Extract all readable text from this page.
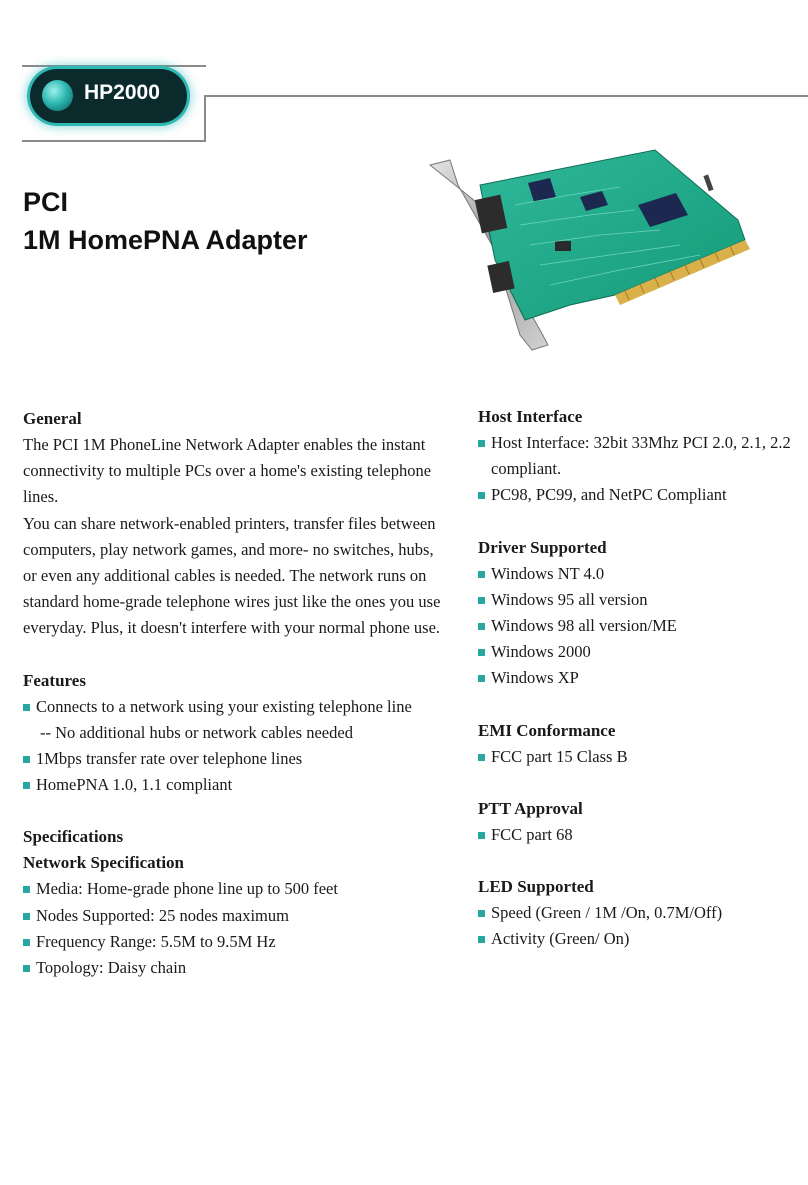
HP2000
PCI
1M HomePNA Adapter
General

The PCI 1M PhoneLine Network Adapter enables the instant connectivity to multiple PCs over a home's existing telephone lines.

You can share network-enabled printers, transfer files between computers, play network games, and more- no switches, hubs, or even any additional cables is needed. The network runs on standard home-grade telephone wires just like the ones you use everyday. Plus, it doesn't interfere with your normal phone use.

Features
Connects to a network using your existing telephone line
-- No additional hubs or network cables needed
1Mbps transfer rate over telephone lines
HomePNA 1.0, 1.1 compliant
Specifications
Network Specification
Media: Home-grade phone line up to 500 feet
Nodes Supported: 25 nodes maximum
Frequency Range: 5.5M to 9.5M Hz
Topology: Daisy chain
Host Interface
Host Interface: 32bit 33Mhz PCI 2.0, 2.1, 2.2 compliant.
PC98, PC99, and NetPC Compliant
Driver Supported
Windows NT 4.0
Windows 95 all version
Windows 98 all version/ME
Windows 2000
Windows XP
EMI Conformance
FCC part 15 Class B
PTT Approval
FCC part 68
LED Supported
Speed (Green / 1M /On, 0.7M/Off)
Activity (Green/ On)
